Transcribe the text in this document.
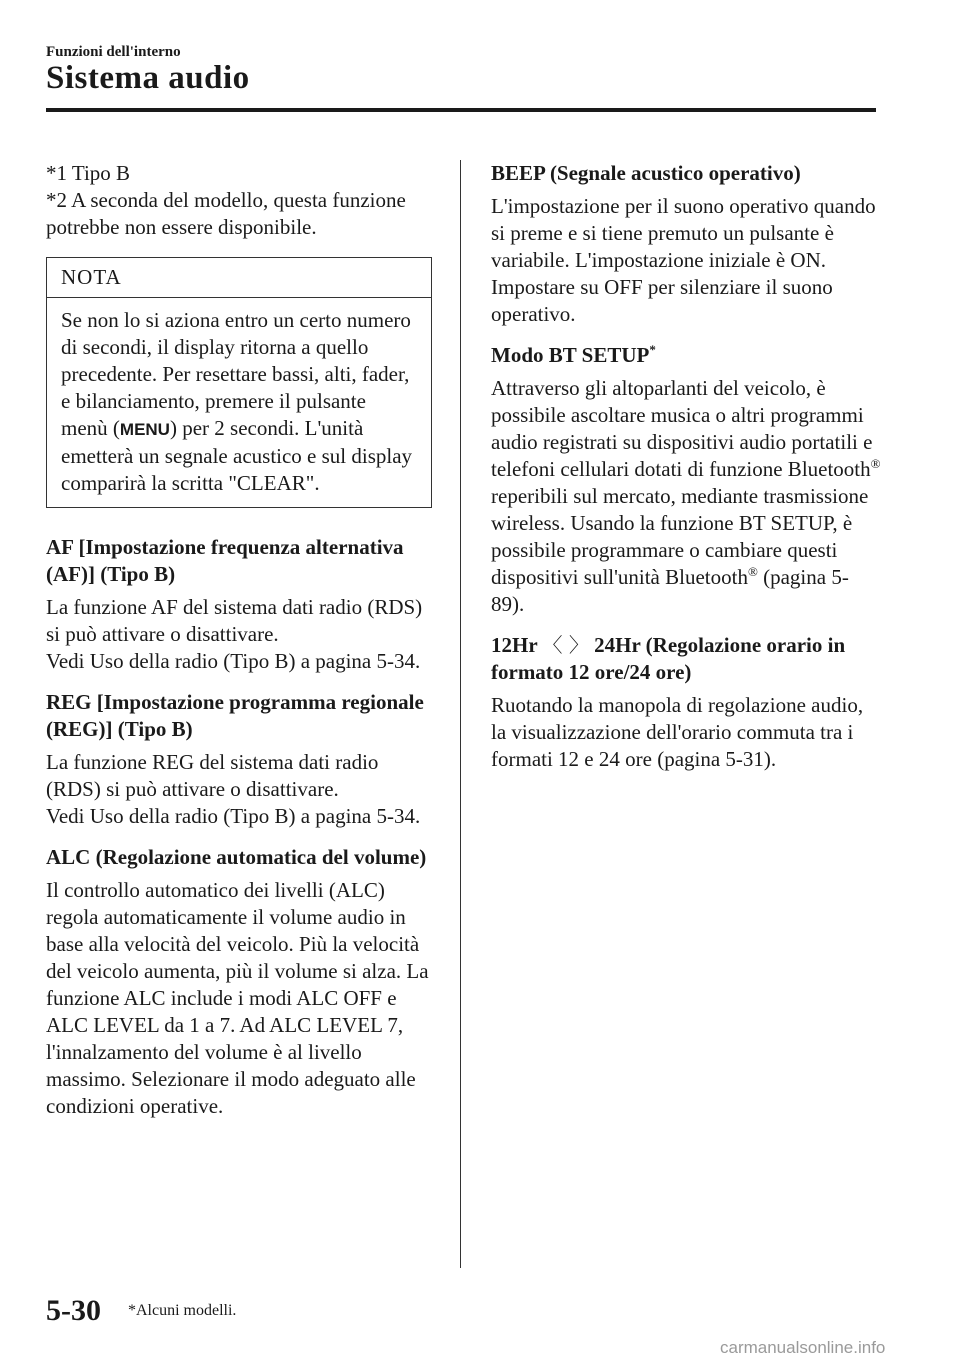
Funzioni dell'interno
Sistema audio

*1 Tipo B

*2 A seconda del modello, questa funzione potrebbe non essere disponibile.

NOTA
Se non lo si aziona entro un certo numero di secondi, il display ritorna a quello precedente. Per resettare bassi, alti, fader, e bilanciamento, premere il pulsante menù (MENU) per 2 secondi. L'unità emetterà un segnale acustico e sul display comparirà la scritta "CLEAR".

AF [Impostazione frequenza alternativa (AF)] (Tipo B)

La funzione AF del sistema dati radio (RDS) si può attivare o disattivare.

Vedi Uso della radio (Tipo B) a pagina 5-34.

REG [Impostazione programma regionale (REG)] (Tipo B)

La funzione REG del sistema dati radio (RDS) si può attivare o disattivare.

Vedi Uso della radio (Tipo B) a pagina 5-34.

ALC (Regolazione automatica del volume)

Il controllo automatico dei livelli (ALC) regola automaticamente il volume audio in base alla velocità del veicolo. Più la velocità del veicolo aumenta, più il volume si alza. La funzione ALC include i modi ALC OFF e ALC LEVEL da 1 a 7. Ad ALC LEVEL 7, l'innalzamento del volume è al livello massimo. Selezionare il modo adeguato alle condizioni operative.

BEEP (Segnale acustico operativo)

L'impostazione per il suono operativo quando si preme e si tiene premuto un pulsante è variabile. L'impostazione iniziale è ON. Impostare su OFF per silenziare il suono operativo.

Modo BT SETUP*

Attraverso gli altoparlanti del veicolo, è possibile ascoltare musica o altri programmi audio registrati su dispositivi audio portatili e telefoni cellulari dotati di funzione Bluetooth® reperibili sul mercato, mediante trasmissione wireless. Usando la funzione BT SETUP, è possibile programmare o cambiare questi dispositivi sull'unità Bluetooth® (pagina 5-89).

12Hr 〈 〉 24Hr (Regolazione orario in formato 12 ore/24 ore)

Ruotando la manopola di regolazione audio, la visualizzazione dell'orario commuta tra i formati 12 e 24 ore (pagina 5-31).

5-30 *Alcuni modelli.
carmanualsonline.info
